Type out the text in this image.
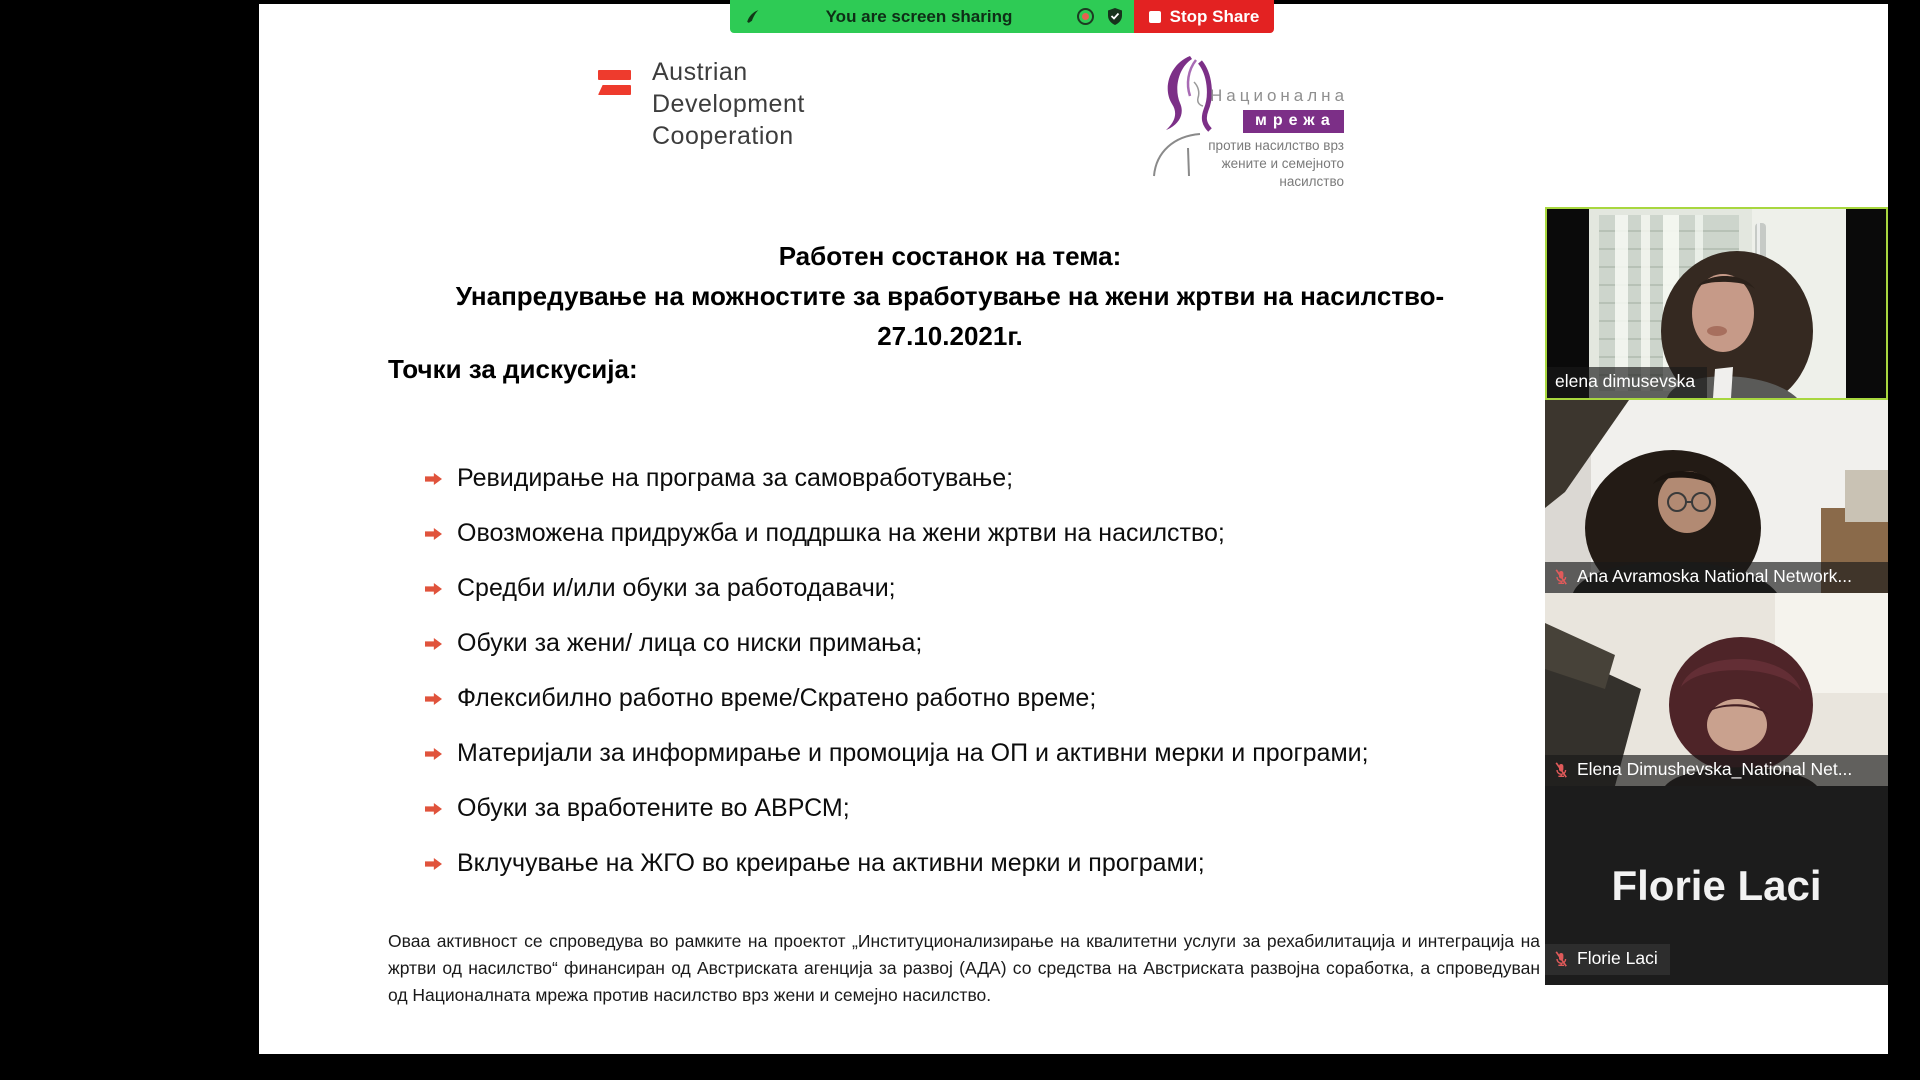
Austrian
Development
Cooperation
Национална
мрежа
против насилство врз
жените и семејното
насилство
Работен состанок на тема:
Унапредување на можностите за вработување на жени жртви на насилство-
27.10.2021г.
Точки за дискусија:
Ревидирање на програма за самовработување;
Овозможена придружба и поддршка на жени жртви на насилство;
Средби и/или обуки за работодавачи;
Обуки за жени/ лица со ниски примања;
Флексибилно работно време/Скратено работно време;
Материјали за информирање и промоција на ОП и активни мерки и програми;
Обуки за вработените во АВРСМ;
Вклучување на ЖГО во креирање на активни мерки и програми;
Оваа активност се спроведува во рамките на проектот „Институционализирање на квалитетни услуги за рехабилитација и интеграција на жртви од насилство“ финансиран од Австриската агенција за развој (АДА) со средства на Австриската развојна соработка, а спроведуван од Националната мрежа против насилство врз жени и семејно насилство.
You are screen sharing	Stop Share
elena dimusevska
Ana Avramoska National Network...
Elena Dimushevska_National Net...
Florie Laci
Florie Laci
